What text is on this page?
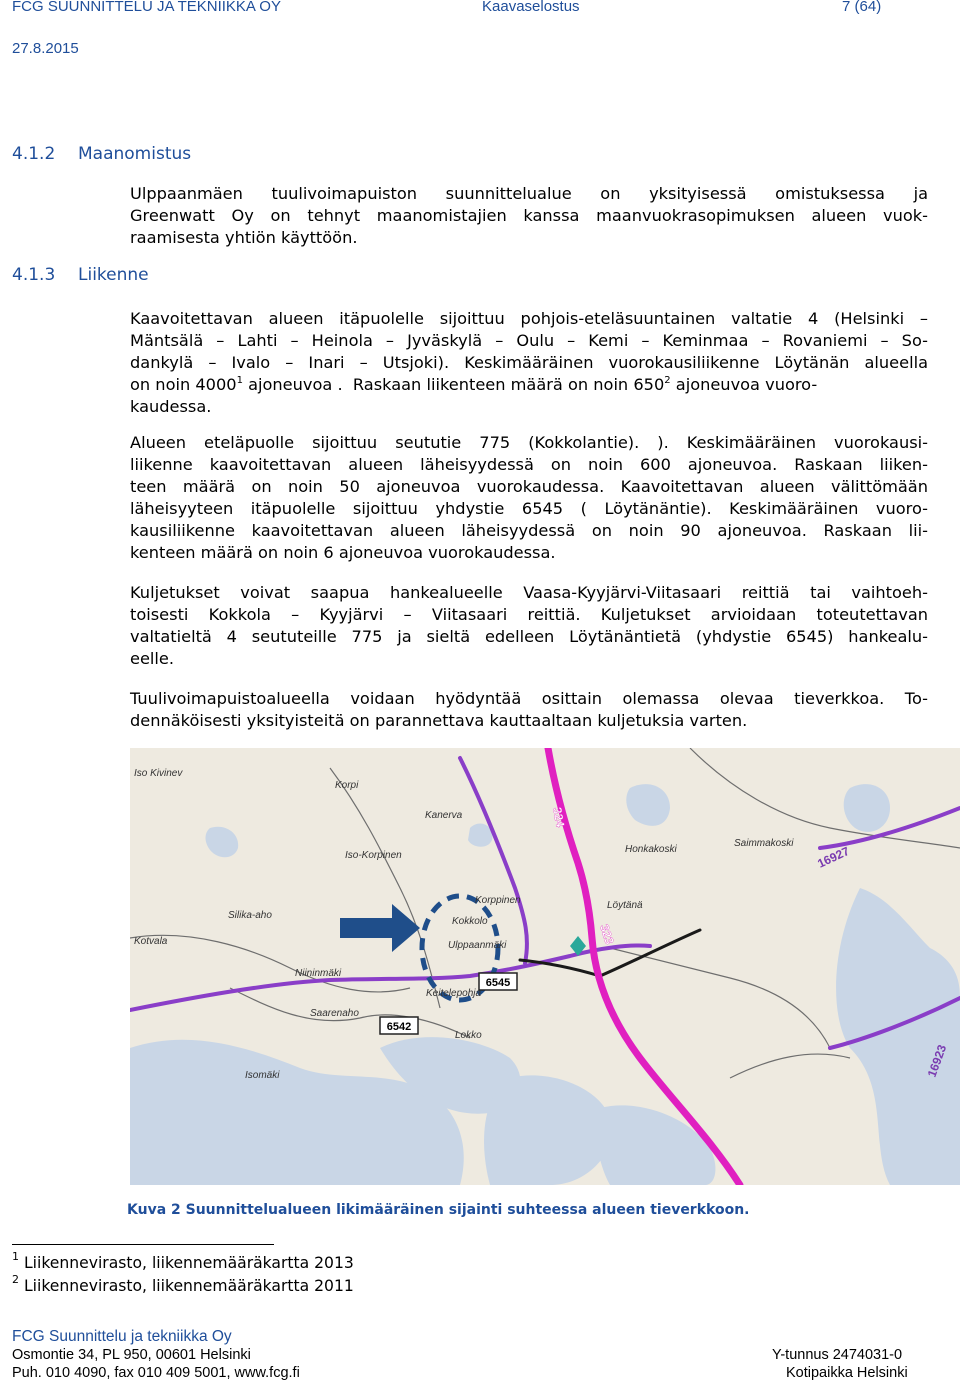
FCG SUUNNITTELU JA TEKNIIKKA OY	Kaavaselostus	7 (64)
27.8.2015
4.1.2 Maanomistus
4.1.3 Liikenne
Ulppaanmäen tuulivoimapuiston suunnittelualue on yksityisessä omistuksessa ja
Greenwatt Oy on tehnyt maanomistajien kanssa maanvuokrasopimuksen alueen vuok-
raamisesta yhtiön käyttöön.
Kaavoitettavan alueen itäpuolelle sijoittuu pohjois-eteläsuuntainen valtatie 4 (Helsinki –
Mäntsälä – Lahti – Heinola – Jyväskylä – Oulu – Kemi – Keminmaa – Rovaniemi – So-
dankylä – Ivalo – Inari – Utsjoki). Keskimääräinen vuorokausiliikenne Löytänän alueella
on noin 4000$^1$ ajoneuvoa .  Raskaan liikenteen määrä on noin $650^2$ ajoneuvoa vuoro-
kaudessa.
Alueen eteläpuolle sijoittuu seututie 775 (Kokkolantie). ). Keskimääräinen vuorokausi-
liikenne kaavoitettavan alueen läheisyydessä on noin 600 ajoneuvoa. Raskaan liiken-
teen määrä on noin 50 ajoneuvoa vuorokaudessa. Kaavoitettavan alueen välittömään
läheisyyteen itäpuolelle sijoittuu yhdystie 6545 ( Löytänäntie). Keskimääräinen vuoro-
kausiliikenne kaavoitettavan alueen läheisyydessä on noin 90 ajoneuvoa. Raskaan lii-
kenteen määrä on noin 6 ajoneuvoa vuorokaudessa.
Kuljetukset voivat saapua hankealueelle Vaasa-Kyyjärvi-Viitasaari reittiä tai vaihtoeh-
toisesti Kokkola – Kyyjärvi – Viitasaari reittiä. Kuljetukset arvioidaan toteutettavan
valtatieltä 4 seututeille 775 ja sieltä edelleen Löytänäntietä (yhdystie 6545) hankealu-
eelle.
Tuulivoimapuistoalueella voidaan hyödyntää osittain olemassa olevaa tieverkkoa. To-
dennäköisesti yksityisteitä on parannettava kauttaaltaan kuljetuksia varten.
6545
6542
324
323
16927
16923
Iso Kivinev
Korpi
Kanerva
Iso-Korpinen
Honkakoski
Saimmakoski
Löytänä
Korppinen
Kokkolo
Ulppaanmäki
Silika-aho
Kotvala
Niininmäki
Keitelepohja
Saarenaho
Lokko
Isomäki
Kuva 2 Suunnittelualueen likimääräinen sijainti suhteessa alueen tieverkkoon.
$^1$ Liikennevirasto, liikennemääräkartta 2013
$^2$ Liikennevirasto, liikennemääräkartta 2011
FCG Suunnittelu ja tekniikka Oy
Osmontie 34, PL 950, 00601 Helsinki
Puh. 010 4090, fax 010 409 5001, www.fcg.fi
Y-tunnus 2474031-0
Kotipaikka Helsinki
